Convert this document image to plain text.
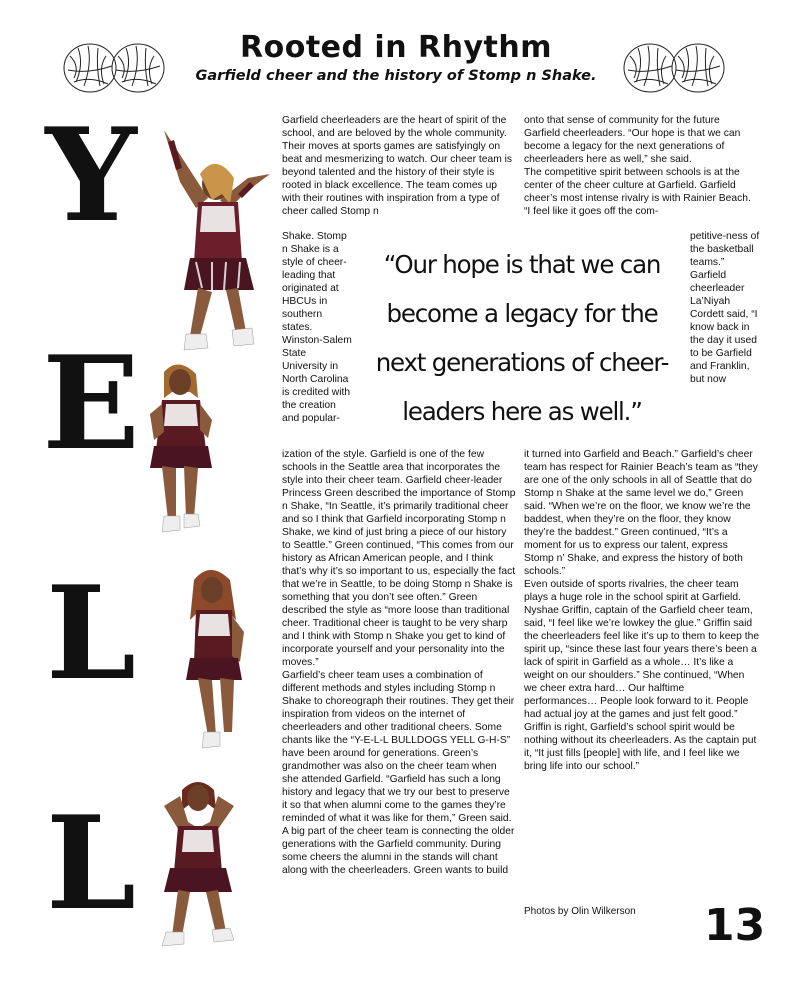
Rooted in Rhythm
Garfield cheer and the history of Stomp n Shake.
Y
E
L
L

Garfield cheerleaders are the heart of spirit of the school, and are beloved by the whole community. Their moves at sports games are satisfyingly on beat and mesmerizing to watch. Our cheer team is beyond talented and the history of their style is rooted in black excellence. The team comes up with their routines with inspiration from a type of cheer called Stomp n

Shake. Stomp n Shake is a style of cheer-leading that originated at HBCUs in southern states. Winston-Salem State University in North Carolina is credited with the creation and popular-

ization of the style. Garfield is one of the few schools in the Seattle area that incorporates the style into their cheer team. Garfield cheer-leader Princess Green described the importance of Stomp n Shake, “In Seattle, it’s primarily traditional cheer and so I think that Garfield incorporating Stomp n Shake, we kind of just bring a piece of our history to Seattle.” Green continued, “This comes from our history as African American people, and I think that’s why it’s so important to us, especially the fact that we’re in Seattle, to be doing Stomp n Shake is something that you don’t see often.” Green described the style as “more loose than traditional cheer. Traditional cheer is taught to be very sharp and I think with Stomp n Shake you get to kind of incorporate yourself and your personality into the moves.”

Garfield’s cheer team uses a combination of different methods and styles including Stomp n Shake to choreograph their routines. They get their inspiration from videos on the internet of cheerleaders and other traditional cheers. Some chants like the “Y-E-L-L BULLDOGS YELL G-H-S” have been around for generations. Green’s grandmother was also on the cheer team when she attended Garfield. “Garfield has such a long history and legacy that we try our best to preserve it so that when alumni come to the games they’re reminded of what it was like for them,” Green said. A big part of the cheer team is connecting the older generations with the Garfield community. During some cheers the alumni in the stands will chant along with the cheerleaders. Green wants to build

onto that sense of community for the future Garfield cheerleaders. “Our hope is that we can become a legacy for the next generations of cheerleaders here as well,” she said.

The competitive spirit between schools is at the center of the cheer culture at Garfield. Garfield cheer’s most intense rivalry is with Rainier Beach. “I feel like it goes off the com-

petitive-ness of the basketball teams.” Garfield cheerleader La’Niyah Cordett said, “I know back in the day it used to be Garfield and Franklin, but now

it turned into Garfield and Beach.” Garfield’s cheer team has respect for Rainier Beach’s team as “they are one of the only schools in all of Seattle that do Stomp n Shake at the same level we do,” Green said. “When we’re on the floor, we know we’re the baddest, when they’re on the floor, they know they’re the baddest.” Green continued, “It’s a moment for us to express our talent, express Stomp n’ Shake, and express the history of both schools.”

Even outside of sports rivalries, the cheer team plays a huge role in the school spirit at Garfield. Nyshae Griffin, captain of the Garfield cheer team, said, “I feel like we’re lowkey the glue.” Griffin said the cheerleaders feel like it’s up to them to keep the spirit up, “since these last four years there’s been a lack of spirit in Garfield as a whole… It’s like a weight on our shoulders.” She continued, “When we cheer extra hard… Our halftime performances… People look forward to it. People had actual joy at the games and just felt good.” Griffin is right, Garfield’s school spirit would be nothing without its cheerleaders. As the captain put it, “It just fills [people] with life, and I feel like we bring life into our school.”

“Our hope is that we can become a legacy for the next generations of cheer-leaders here as well.”
Photos by Olin Wilkerson 13
